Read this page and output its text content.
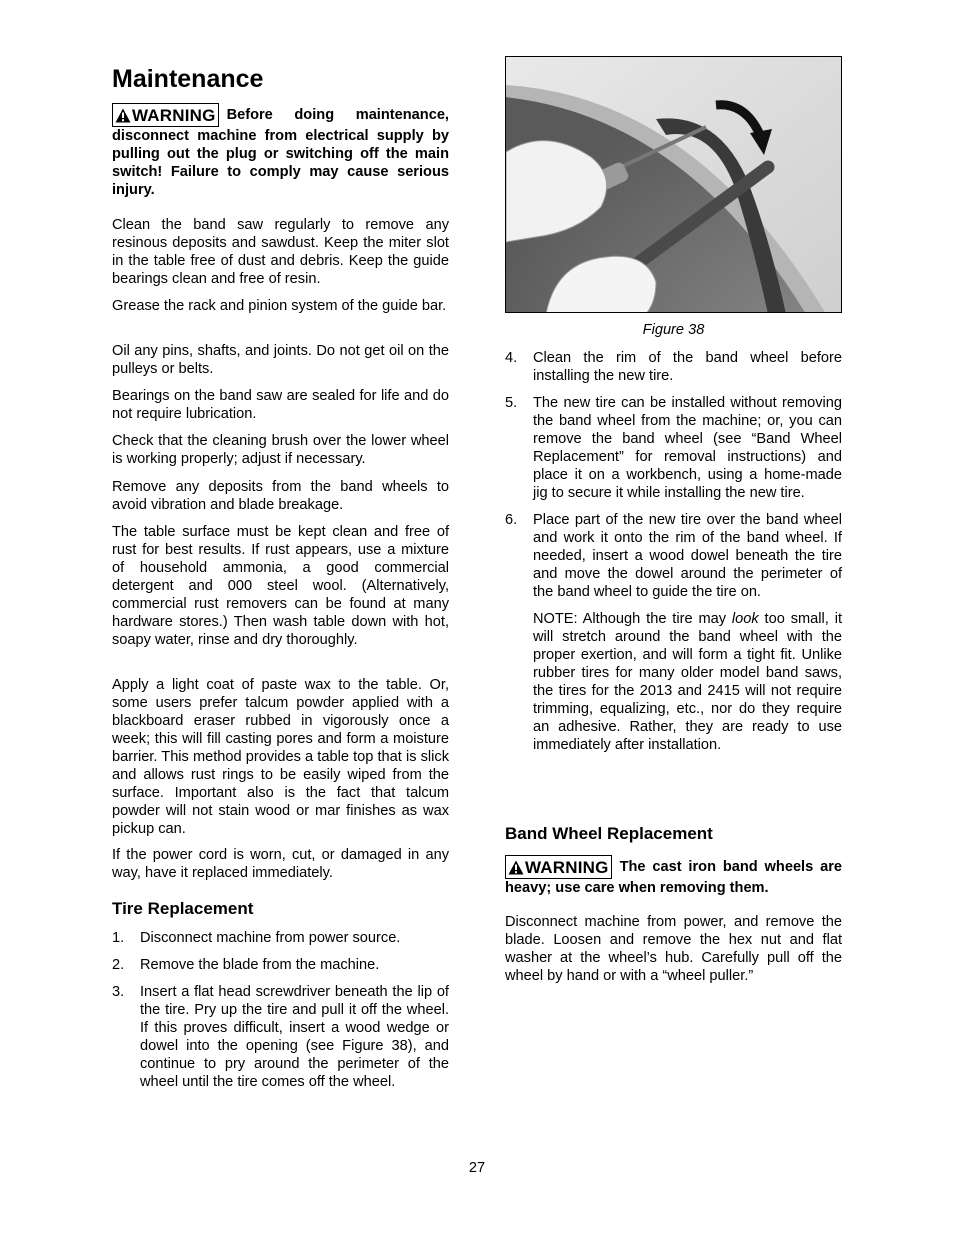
Maintenance
WARNING Before doing maintenance, disconnect machine from electrical supply by pulling out the plug or switching off the main switch! Failure to comply may cause serious injury.

Clean the band saw regularly to remove any resinous deposits and sawdust. Keep the miter slot in the table free of dust and debris. Keep the guide bearings clean and free of resin.

Grease the rack and pinion system of the guide bar.

Oil any pins, shafts, and joints. Do not get oil on the pulleys or belts.

Bearings on the band saw are sealed for life and do not require lubrication.

Check that the cleaning brush over the lower wheel is working properly; adjust if necessary.

Remove any deposits from the band wheels to avoid vibration and blade breakage.

The table surface must be kept clean and free of rust for best results. If rust appears, use a mixture of household ammonia, a good commercial detergent and 000 steel wool. (Alternatively, commercial rust removers can be found at many hardware stores.) Then wash table down with hot, soapy water, rinse and dry thoroughly.

Apply a light coat of paste wax to the table. Or, some users prefer talcum powder applied with a blackboard eraser rubbed in vigorously once a week; this will fill casting pores and form a moisture barrier. This method provides a table top that is slick and allows rust rings to be easily wiped from the surface. Important also is the fact that talcum powder will not stain wood or mar finishes as wax pickup can.

If the power cord is worn, cut, or damaged in any way, have it replaced immediately.

Tire Replacement
1. Disconnect machine from power source.
2. Remove the blade from the machine.
3. Insert a flat head screwdriver beneath the lip of the tire. Pry up the tire and pull it off the wheel. If this proves difficult, insert a wood wedge or dowel into the opening (see Figure 38), and continue to pry around the perimeter of the wheel until the tire comes off the wheel.
Figure 38
4. Clean the rim of the band wheel before installing the new tire.
5. The new tire can be installed without removing the band wheel from the machine; or, you can remove the band wheel (see “Band Wheel Replacement” for removal instructions) and place it on a workbench, using a home-made jig to secure it while installing the new tire.
6. Place part of the new tire over the band wheel and work it onto the rim of the band wheel. If needed, insert a wood dowel beneath the tire and move the dowel around the perimeter of the band wheel to guide the tire on.
NOTE: Although the tire may look too small, it will stretch around the band wheel with the proper exertion, and will form a tight fit. Unlike rubber tires for many older model band saws, the tires for the 2013 and 2415 will not require trimming, equalizing, etc., nor do they require an adhesive. Rather, they are ready to use immediately after installation.
Band Wheel Replacement
WARNING The cast iron band wheels are heavy; use care when removing them.

Disconnect machine from power, and remove the blade. Loosen and remove the hex nut and flat washer at the wheel’s hub. Carefully pull off the wheel by hand or with a “wheel puller.”

27
